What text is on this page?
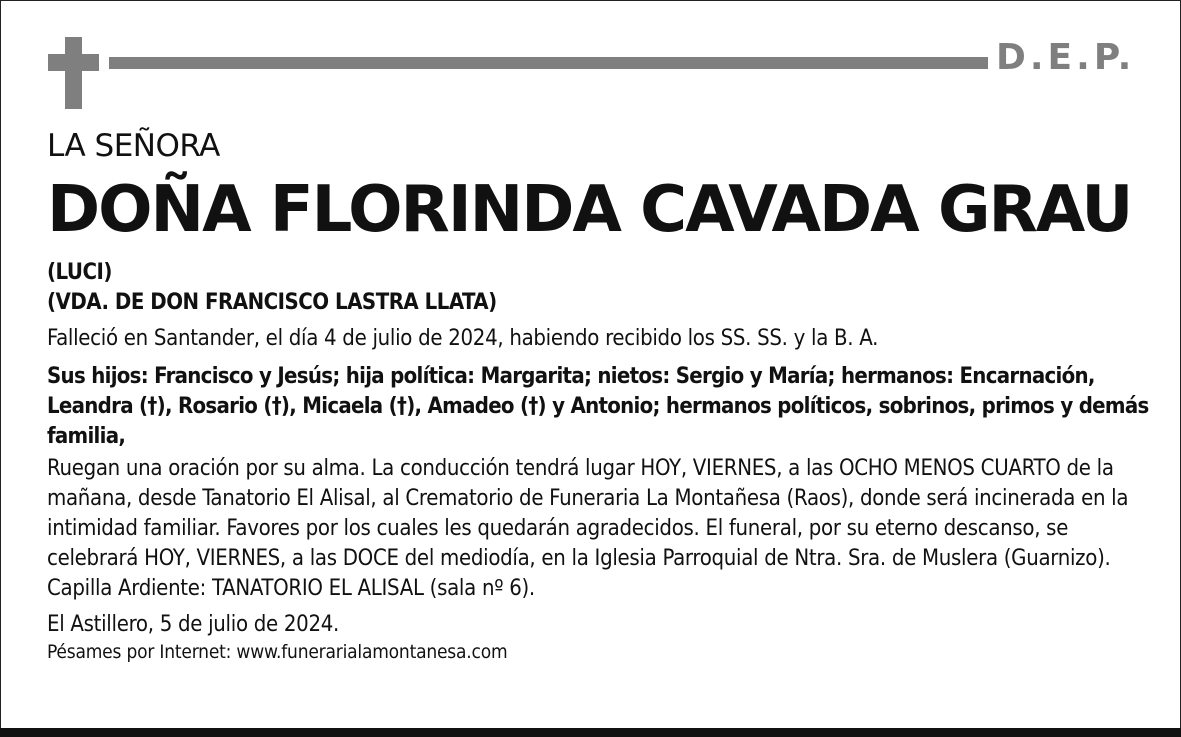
D.E.P.
LA SEÑORA
DOÑA FLORINDA CAVADA GRAU
(LUCI)
(VDA. DE DON FRANCISCO LASTRA LLATA)

Falleció en Santander, el día 4 de julio de 2024, habiendo recibido los SS. SS. y la B. A.

Sus hijos: Francisco y Jesús; hija política: Margarita; nietos: Sergio y María; hermanos: Encarnación, Leandra (†), Rosario (†), Micaela (†), Amadeo (†) y Antonio; hermanos políticos, sobrinos, primos y demás familia,

Ruegan una oración por su alma. La conducción tendrá lugar HOY, VIERNES, a las OCHO MENOS CUARTO de la mañana, desde Tanatorio El Alisal, al Crematorio de Funeraria La Montañesa (Raos), donde será incinerada en la intimidad familiar. Favores por los cuales les quedarán agradecidos. El funeral, por su eterno descanso, se celebrará HOY, VIERNES, a las DOCE del mediodía, en la Iglesia Parroquial de Ntra. Sra. de Muslera (Guarnizo). Capilla Ardiente: TANATORIO EL ALISAL (sala nº 6).

El Astillero, 5 de julio de 2024.

Pésames por Internet: www.funerarialamontanesa.com
